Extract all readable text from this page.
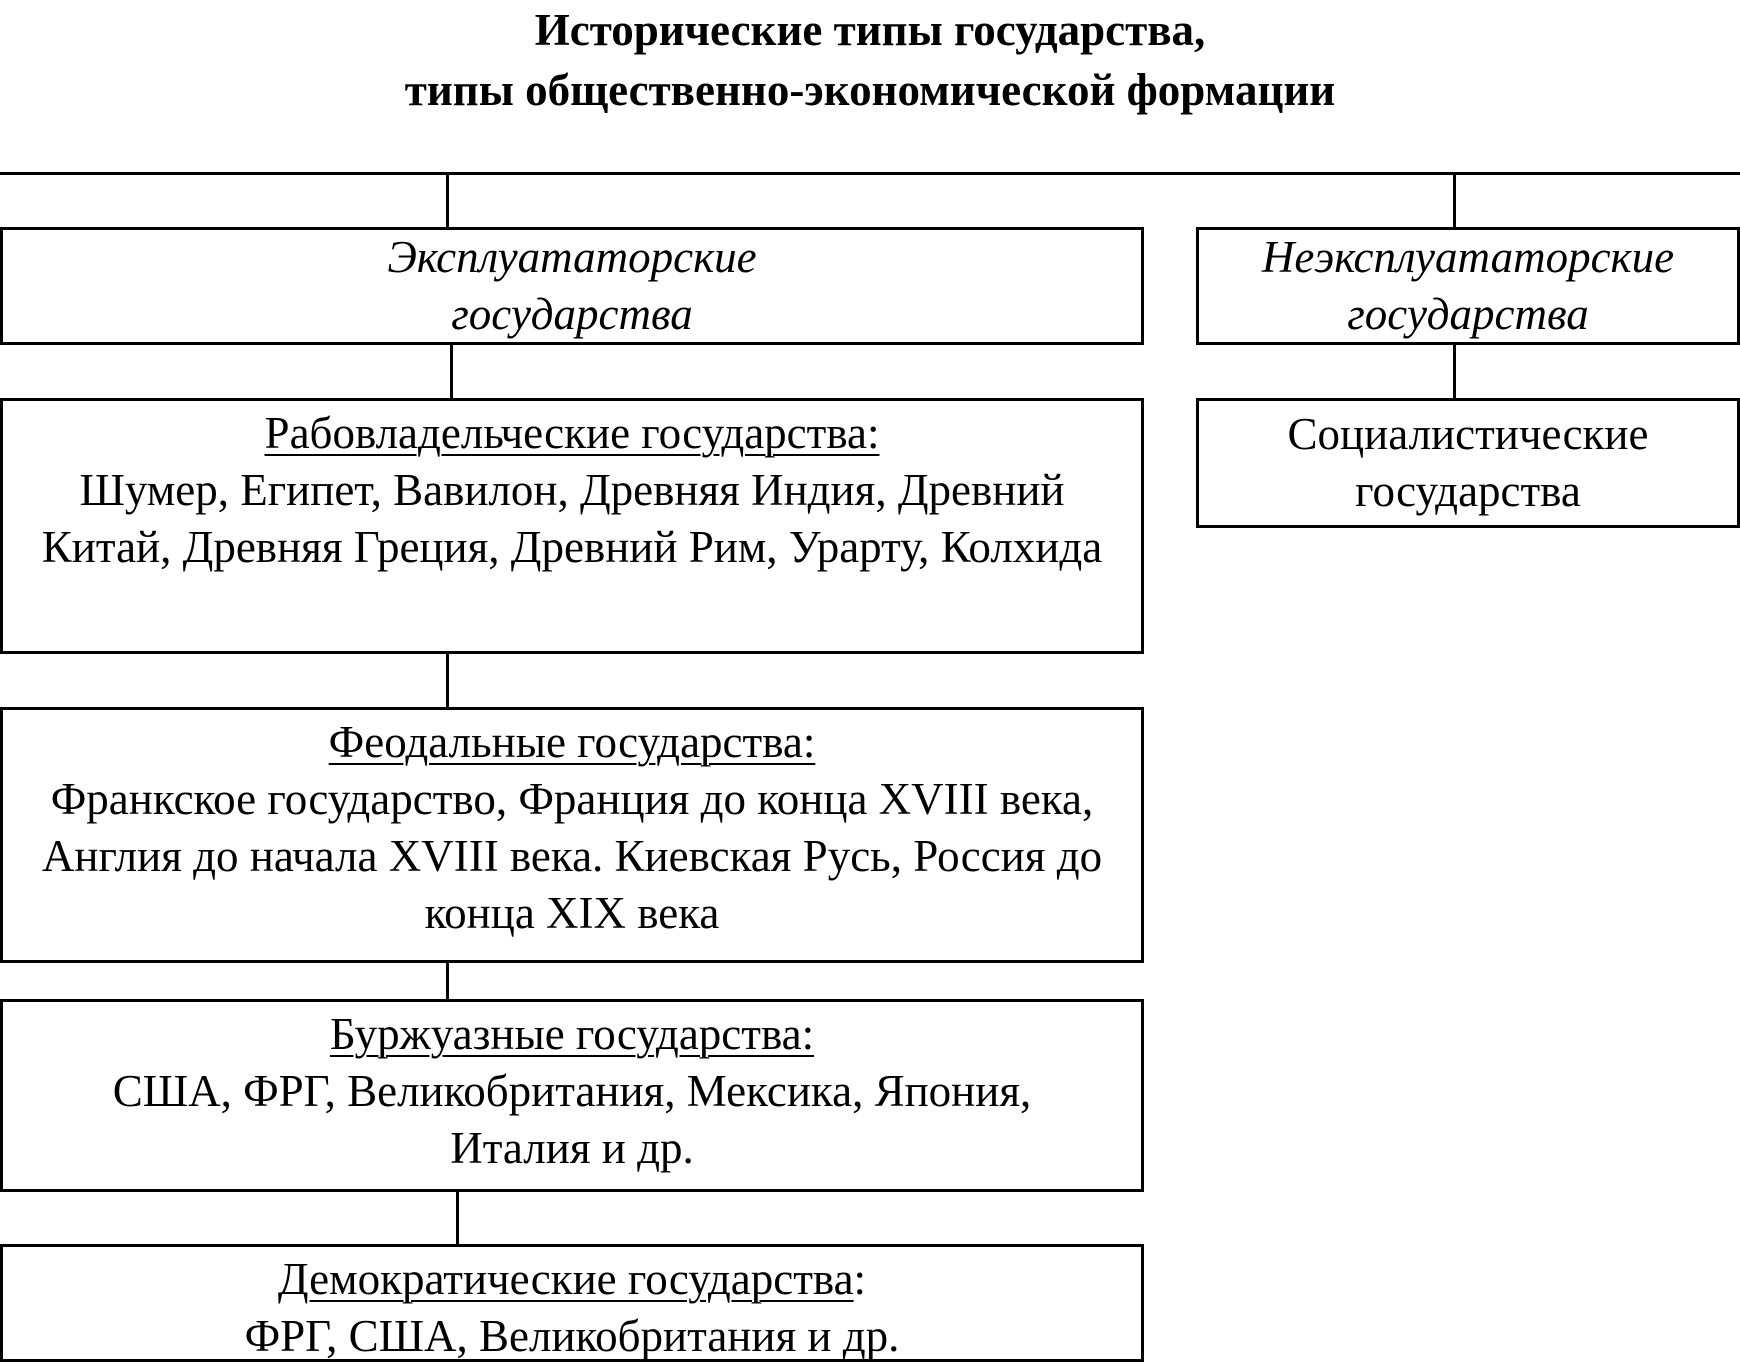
Исторические типы государства,
типы общественно-экономической формации
Эксплуататорские
государства
Неэксплуататорские
государства
Рабовладельческие государства:
Шумер, Египет, Вавилон, Древняя Индия, Древний Китай, Древняя Греция, Древний Рим, Урарту, Колхида
Социалистические
государства
Феодальные государства:
Франкское государство, Франция до конца XVIII века, Англия до начала XVIII века. Киевская Русь, Россия до конца XIX века
Буржуазные государства:
США, ФРГ, Великобритания, Мексика, Япония, Италия и др.
Демократические государства:
ФРГ, США, Великобритания и др.
